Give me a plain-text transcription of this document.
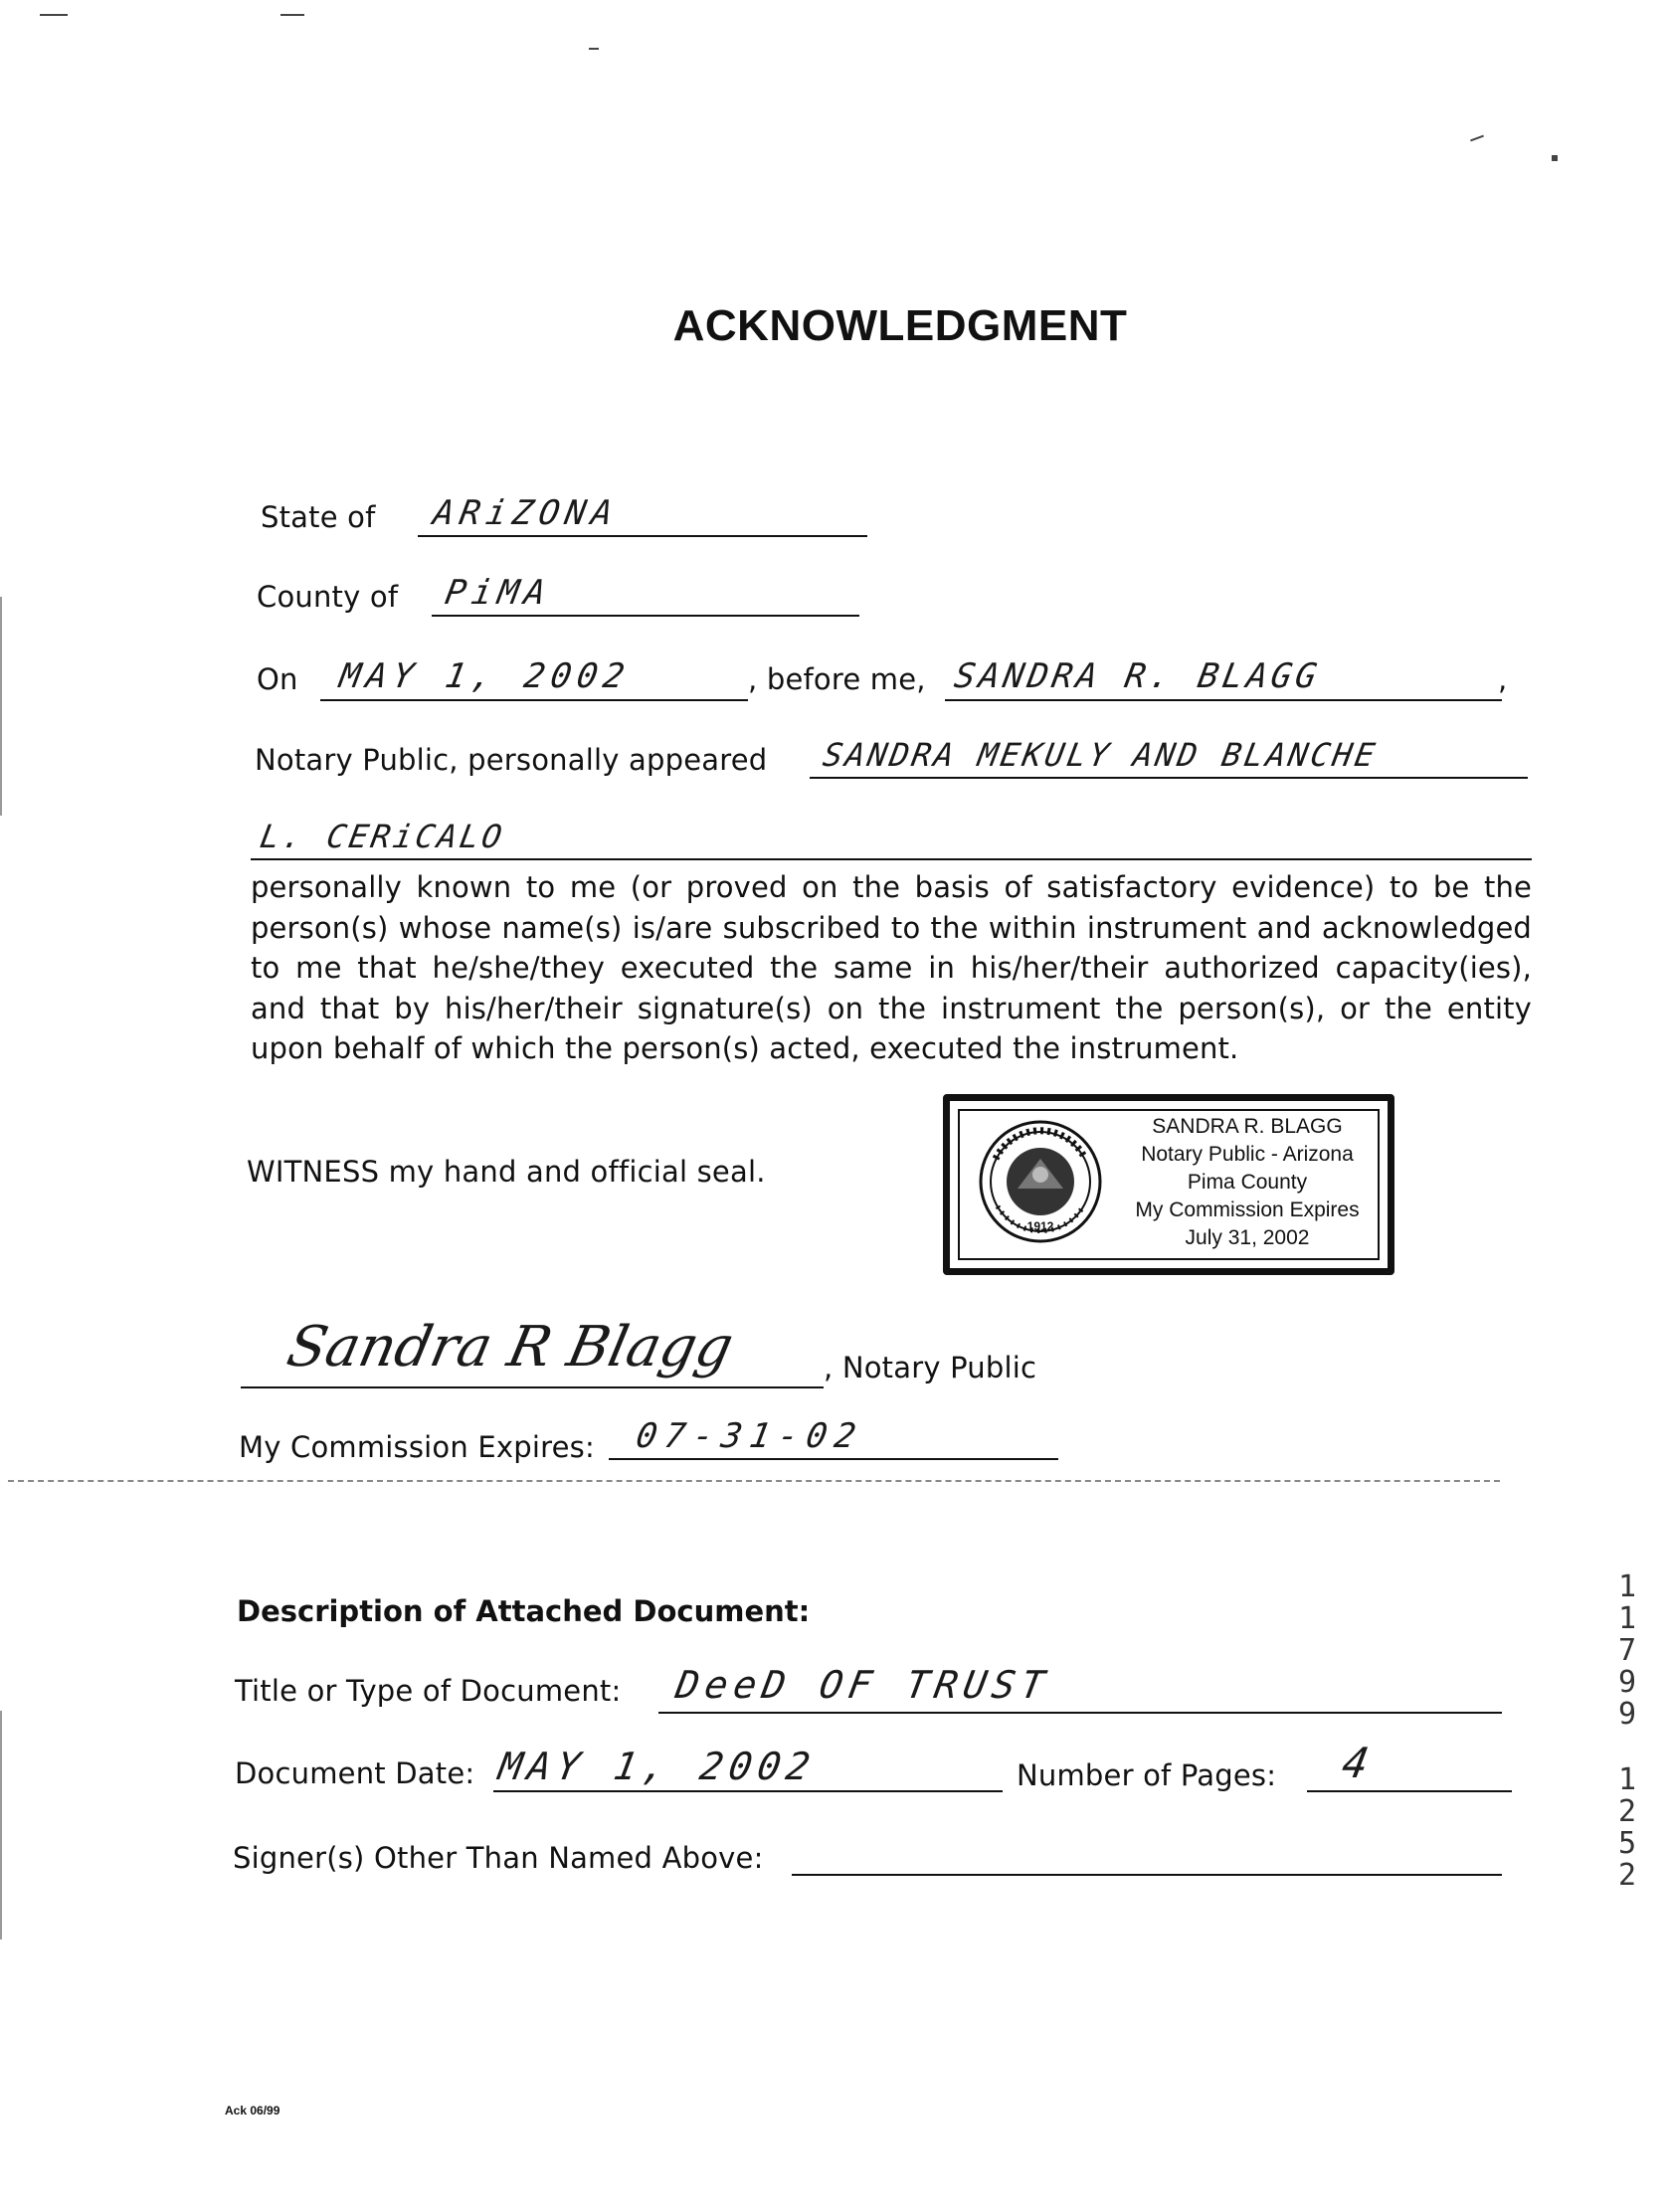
ACKNOWLEDGMENT
State of ARiZONA
County of PiMA
On MAY 1, 2002	, before me, SANDRA R. BLAGG	,
Notary Public, personally appeared SANDRA MEKULY AND BLANCHE
L. CERiCALO
personally known to me (or proved on the basis of satisfactory evidence) to be the person(s) whose name(s) is/are subscribed to the within instrument and acknowledged to me that he/she/they executed the same in his/her/their authorized capacity(ies), and that by his/her/their signature(s) on the instrument the person(s), or the entity upon behalf of which the person(s) acted, executed the instrument.
WITNESS my hand and official seal.
1912
SANDRA R. BLAGG
Notary Public - Arizona
Pima County
My Commission Expires
July 31, 2002
Sandra R Blagg	, Notary Public
My Commission Expires: 07-31-02
Description of Attached Document:
Title or Type of Document: DeeD OF TRUST
Document Date: MAY 1, 2002	Number of Pages: 4
Signer(s) Other Than Named Above:
1
1
7
9
9
1
2
5
2
Ack 06/99
